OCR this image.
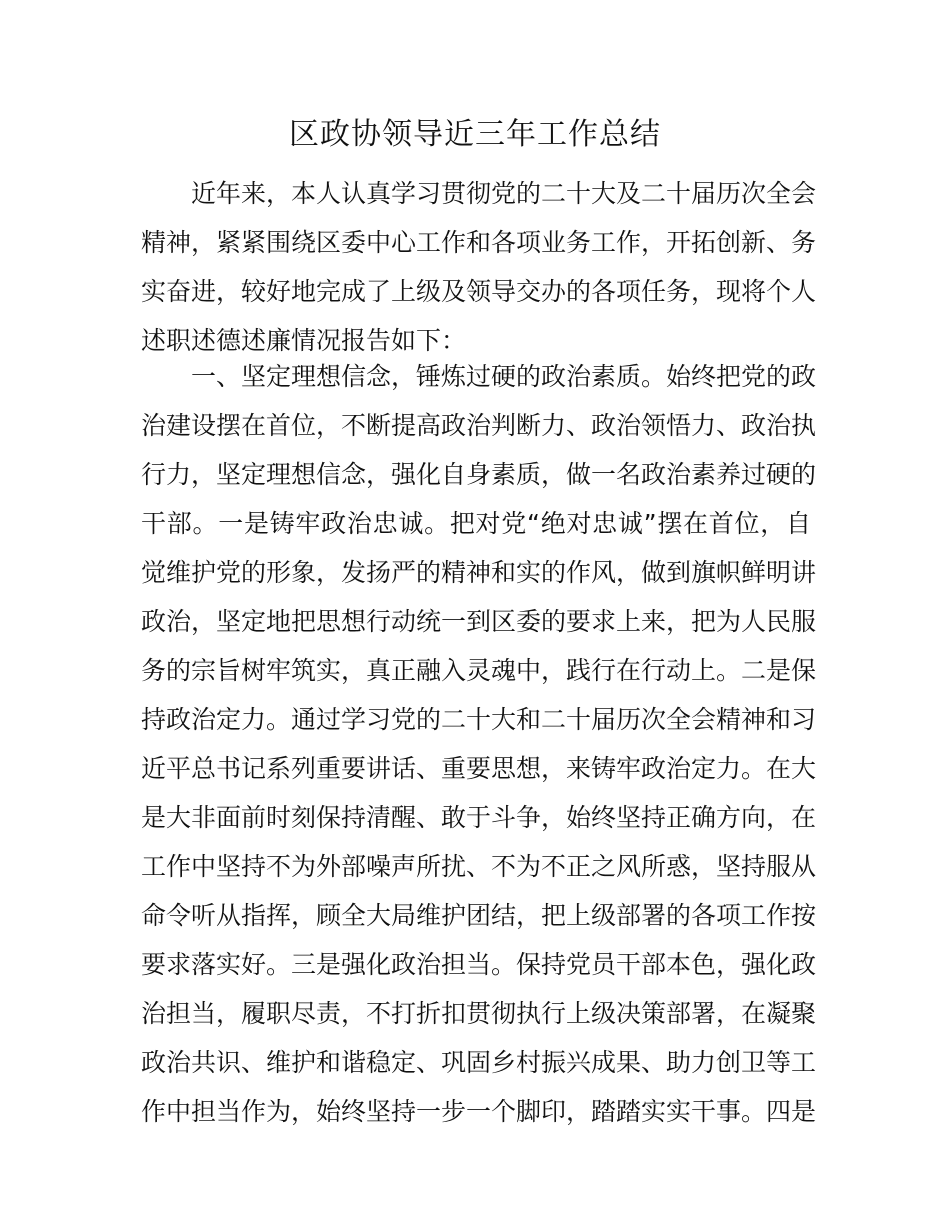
区政协领导近三年工作总结
　　近年来，本人认真学习贯彻党的二十大及二十届历次全会
精神，紧紧围绕区委中心工作和各项业务工作，开拓创新、务
实奋进，较好地完成了上级及领导交办的各项任务，现将个人
述职述德述廉情况报告如下：
　　一、坚定理想信念，锤炼过硬的政治素质。始终把党的政
治建设摆在首位，不断提高政治判断力、政治领悟力、政治执
行力，坚定理想信念，强化自身素质，做一名政治素养过硬的
干部。一是铸牢政治忠诚。把对党“绝对忠诚”摆在首位，自
觉维护党的形象，发扬严的精神和实的作风，做到旗帜鲜明讲
政治，坚定地把思想行动统一到区委的要求上来，把为人民服
务的宗旨树牢筑实，真正融入灵魂中，践行在行动上。二是保
持政治定力。通过学习党的二十大和二十届历次全会精神和习
近平总书记系列重要讲话、重要思想，来铸牢政治定力。在大
是大非面前时刻保持清醒、敢于斗争，始终坚持正确方向，在
工作中坚持不为外部噪声所扰、不为不正之风所惑，坚持服从
命令听从指挥，顾全大局维护团结，把上级部署的各项工作按
要求落实好。三是强化政治担当。保持党员干部本色，强化政
治担当，履职尽责，不打折扣贯彻执行上级决策部署，在凝聚
政治共识、维护和谐稳定、巩固乡村振兴成果、助力创卫等工
作中担当作为，始终坚持一步一个脚印，踏踏实实干事。四是
